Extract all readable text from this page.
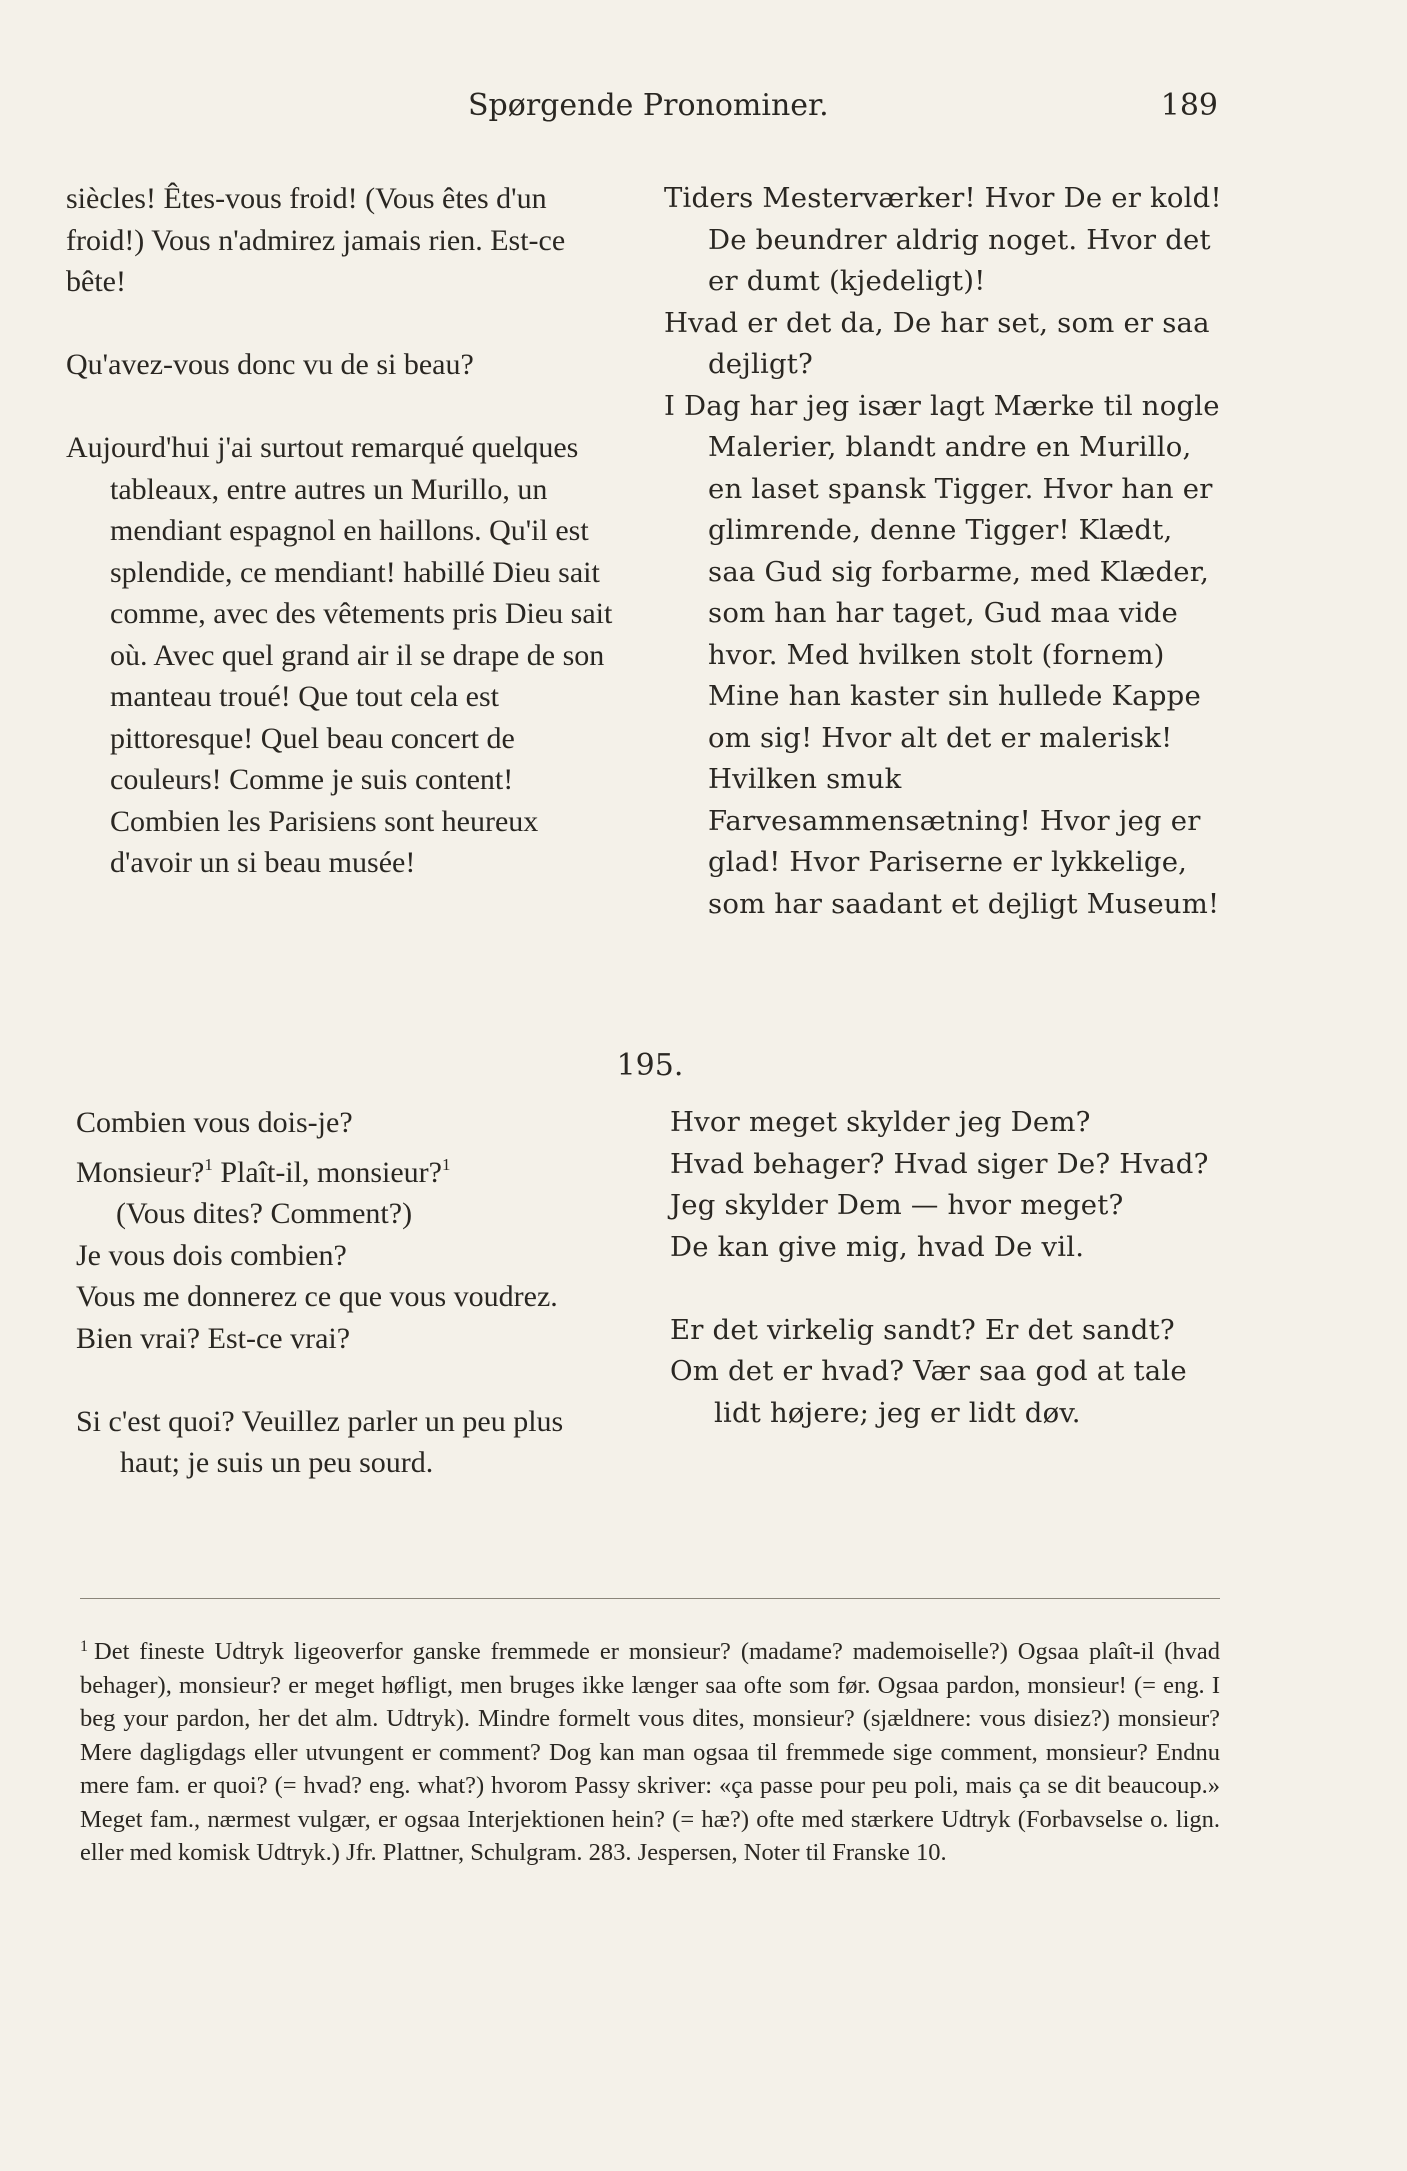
Spørgende Pronominer.	189

siècles! Êtes-vous froid! (Vous êtes d'un froid!) Vous n'admirez jamais rien. Est-ce bête!

Qu'avez-vous donc vu de si beau?

Aujourd'hui j'ai surtout remarqué quelques tableaux, entre autres un Murillo, un mendiant espagnol en haillons. Qu'il est splendide, ce mendiant! habillé Dieu sait comme, avec des vêtements pris Dieu sait où. Avec quel grand air il se drape de son manteau troué! Que tout cela est pittoresque! Quel beau concert de couleurs! Comme je suis content! Combien les Parisiens sont heureux d'avoir un si beau musée!

Tiders Mesterværker! Hvor De er kold! De beundrer aldrig noget. Hvor det er dumt (kjedeligt)!

Hvad er det da, De har set, som er saa dejligt?

I Dag har jeg især lagt Mærke til nogle Malerier, blandt andre en Murillo, en laset spansk Tigger. Hvor han er glimrende, denne Tigger! Klædt, saa Gud sig forbarme, med Klæder, som han har taget, Gud maa vide hvor. Med hvilken stolt (fornem) Mine han kaster sin hullede Kappe om sig! Hvor alt det er malerisk! Hvilken smuk Farvesammensætning! Hvor jeg er glad! Hvor Pariserne er lykkelige, som har saadant et dejligt Museum!

195.

Combien vous dois-je?

Monsieur?$^1$ Plaît-il, monsieur?$^1$

(Vous dites? Comment?)

Je vous dois combien?

Vous me donnerez ce que vous voudrez.

Bien vrai? Est-ce vrai?

Si c'est quoi? Veuillez parler un peu plus haut; je suis un peu sourd.

Hvor meget skylder jeg Dem?

Hvad behager? Hvad siger De? Hvad?

Jeg skylder Dem — hvor meget?

De kan give mig, hvad De vil.

Er det virkelig sandt? Er det sandt?

Om det er hvad? Vær saa god at tale lidt højere; jeg er lidt døv.

$^1$ Det fineste Udtryk ligeoverfor ganske fremmede er monsieur? (madame? mademoiselle?) Ogsaa plaît-il (hvad behager), monsieur? er meget høfligt, men bruges ikke længer saa ofte som før. Ogsaa pardon, monsieur! (= eng. I beg your pardon, her det alm. Udtryk). Mindre formelt vous dites, monsieur? (sjældnere: vous disiez?) monsieur? Mere dagligdags eller utvungent er comment? Dog kan man ogsaa til fremmede sige comment, monsieur? Endnu mere fam. er quoi? (= hvad? eng. what?) hvorom Passy skriver: «ça passe pour peu poli, mais ça se dit beaucoup.» Meget fam., nærmest vulgær, er ogsaa Interjektionen hein? (= hæ?) ofte med stærkere Udtryk (Forbavselse o. lign. eller med komisk Udtryk.) Jfr. Plattner, Schulgram. 283. Jespersen, Noter til Franske 10.
